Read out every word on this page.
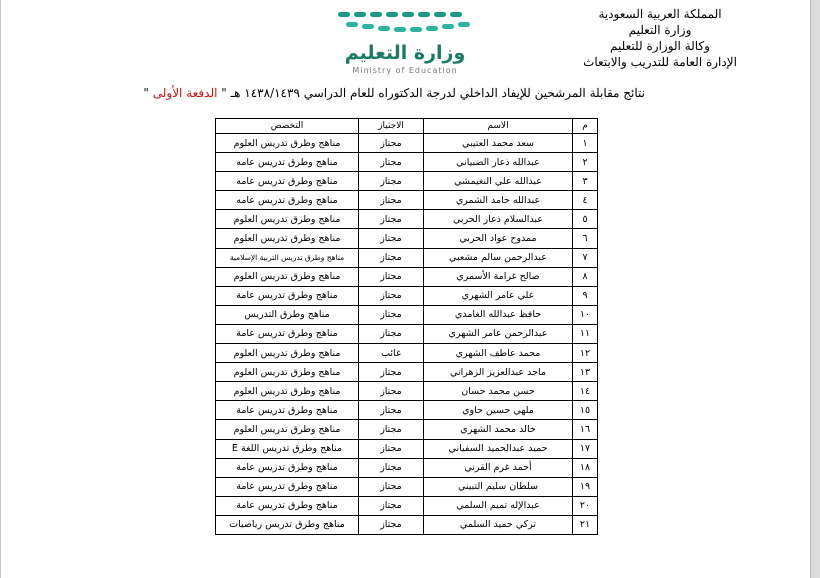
المملكة العربية السعودية
وزارة التعليم
وكالة الوزارة للتعليم
الإدارة العامة للتدريب والابتعاث
وزارة التعليم
Ministry of Education
نتائج مقابلة المرشحين للإيفاد الداخلي لدرجة الدكتوراه للعام الدراسي ١٤٣٨/١٤٣٩ هـ " الدفعة الأولى "
م	الاسم	الاجتياز	التخصص
١	سعد محمد العتيبي	مجتاز	مناهج وطرق تدريس العلوم
٢	عبدالله ذعار الضبياني	مجتاز	مناهج وطرق تدريس عامه
٣	عبدالله علي النغيمشي	مجتاز	مناهج وطرق تدريس عامه
٤	عبدالله حامد الشمري	مجتاز	مناهج وطرق تدريس عامه
٥	عبدالسلام ذعار الحربي	مجتاز	مناهج وطرق تدريس العلوم
٦	ممدوح عواد الحربي	مجتاز	مناهج وطرق تدريس العلوم
٧	عبدالرحمن سالم مشعبي	مجتاز	مناهج وطرق تدريس التربية الإسلامية
٨	صالح غرامة الأسمري	مجتاز	مناهج وطرق تدريس العلوم
٩	علي عامر الشهري	مجتاز	مناهج وطرق تدريس عامة
١٠	حافظ عبدالله الغامدي	مجتاز	مناهج وطرق التدريس
١١	عبدالرحمن عامر الشهري	مجتاز	مناهج وطرق تدريس عامة
١٢	محمد عاطف الشهري	غائب	مناهج وطرق تدريس العلوم
١٣	ماجد عبدالعزيز الزهراني	مجتاز	مناهج وطرق تدريس العلوم
١٤	حسن محمد حسان	مجتاز	مناهج وطرق تدريس العلوم
١٥	ملهي حسين حاوي	مجتاز	مناهج وطرق تدريس عامة
١٦	خالد محمد الشهري	مجتاز	مناهج وطرق تدريس العلوم
١٧	حميد عبدالحميد السفياني	مجتاز	مناهج وطرق تدريس اللغة E
١٨	أحمد غرم القرني	مجتاز	مناهج وطرق تدريس عامة
١٩	سلطان سليم التبيني	مجتاز	مناهج وطرق تدريس عامة
٢٠	عبدالإله تميم السلمي	مجتاز	مناهج وطرق تدريس عامة
٢١	تركي حميد السلمي	مجتاز	مناهج وطرق تدريس رياضيات
